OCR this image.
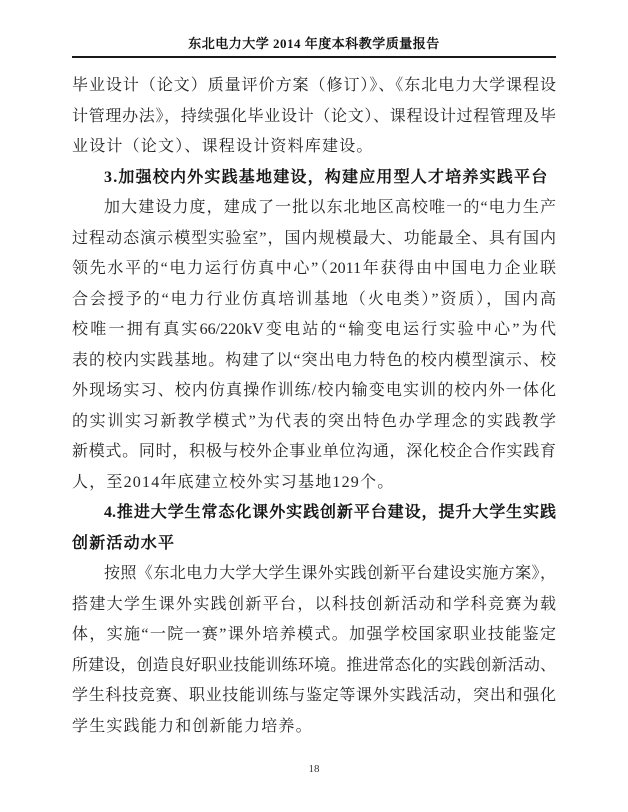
东北电力大学 2014 年度本科教学质量报告
毕业设计（论文）质量评价方案（修订）》、《东北电力大学课程设
计管理办法》，持续强化毕业设计（论文）、课程设计过程管理及毕
业设计（论文）、课程设计资料库建设。
3.加强校内外实践基地建设，构建应用型人才培养实践平台
加大建设力度，建成了一批以东北地区高校唯一的“电力生产
过程动态演示模型实验室”，国内规模最大、功能最全、具有国内
领先水平的“电力运行仿真中心”（2011年获得由中国电力企业联
合会授予的“电力行业仿真培训基地（火电类）”资质），国内高
校唯一拥有真实66/220kV变电站的“输变电运行实验中心”为代
表的校内实践基地。构建了以“突出电力特色的校内模型演示、校
外现场实习、校内仿真操作训练/校内输变电实训的校内外一体化
的实训实习新教学模式”为代表的突出特色办学理念的实践教学
新模式。同时，积极与校外企事业单位沟通，深化校企合作实践育
人，至2014年底建立校外实习基地129个。
4.推进大学生常态化课外实践创新平台建设，提升大学生实践
创新活动水平
按照《东北电力大学大学生课外实践创新平台建设实施方案》，
搭建大学生课外实践创新平台，以科技创新活动和学科竞赛为载
体，实施“一院一赛”课外培养模式。加强学校国家职业技能鉴定
所建设，创造良好职业技能训练环境。推进常态化的实践创新活动、
学生科技竞赛、职业技能训练与鉴定等课外实践活动，突出和强化
学生实践能力和创新能力培养。
18
